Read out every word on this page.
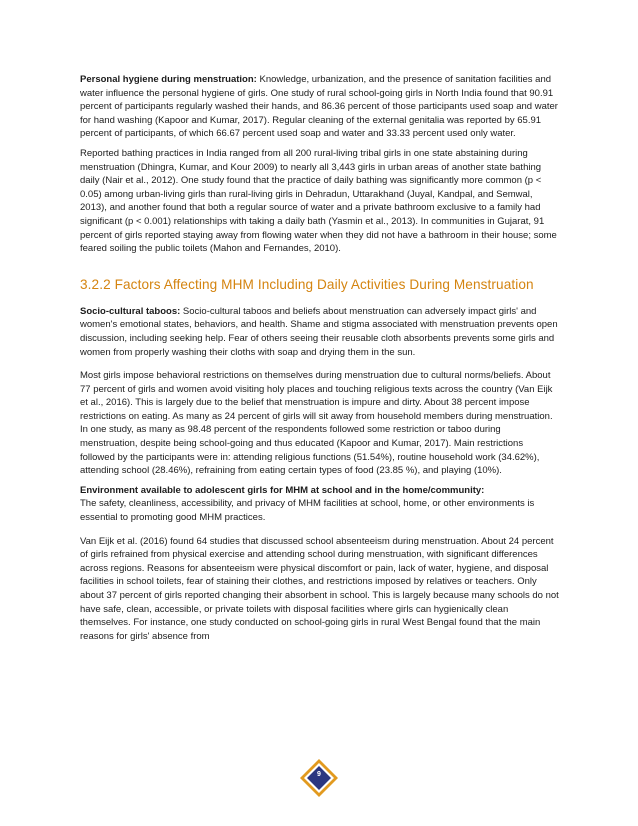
Personal hygiene during menstruation: Knowledge, urbanization, and the presence of sanitation facilities and water influence the personal hygiene of girls. One study of rural school-going girls in North India found that 90.91 percent of participants regularly washed their hands, and 86.36 percent of those participants used soap and water for hand washing (Kapoor and Kumar, 2017). Regular cleaning of the external genitalia was reported by 65.91 percent of participants, of which 66.67 percent used soap and water and 33.33 percent used only water.

Reported bathing practices in India ranged from all 200 rural-living tribal girls in one state abstaining during menstruation (Dhingra, Kumar, and Kour 2009) to nearly all 3,443 girls in urban areas of another state bathing daily (Nair et al., 2012). One study found that the practice of daily bathing was significantly more common (p < 0.05) among urban-living girls than rural-living girls in Dehradun, Uttarakhand (Juyal, Kandpal, and Semwal, 2013), and another found that both a regular source of water and a private bathroom exclusive to a family had significant (p < 0.001) relationships with taking a daily bath (Yasmin et al., 2013). In communities in Gujarat, 91 percent of girls reported staying away from flowing water when they did not have a bathroom in their house; some feared soiling the public toilets (Mahon and Fernandes, 2010).

3.2.2 Factors Affecting MHM Including Daily Activities During Menstruation

Socio-cultural taboos: Socio-cultural taboos and beliefs about menstruation can adversely impact girls' and women's emotional states, behaviors, and health. Shame and stigma associated with menstruation prevents open discussion, including seeking help. Fear of others seeing their reusable cloth absorbents prevents some girls and women from properly washing their cloths with soap and drying them in the sun.

Most girls impose behavioral restrictions on themselves during menstruation due to cultural norms/beliefs. About 77 percent of girls and women avoid visiting holy places and touching religious texts across the country (Van Eijk et al., 2016). This is largely due to the belief that menstruation is impure and dirty. About 38 percent impose restrictions on eating. As many as 24 percent of girls will sit away from household members during menstruation. In one study, as many as 98.48 percent of the respondents followed some restriction or taboo during menstruation, despite being school-going and thus educated (Kapoor and Kumar, 2017). Main restrictions followed by the participants were in: attending religious functions (51.54%), routine household work (34.62%), attending school (28.46%), refraining from eating certain types of food (23.85 %), and playing (10%).

Environment available to adolescent girls for MHM at school and in the home/community:
The safety, cleanliness, accessibility, and privacy of MHM facilities at school, home, or other environments is essential to promoting good MHM practices.

Van Eijk et al. (2016) found 64 studies that discussed school absenteeism during menstruation. About 24 percent of girls refrained from physical exercise and attending school during menstruation, with significant differences across regions. Reasons for absenteeism were physical discomfort or pain, lack of water, hygiene, and disposal facilities in school toilets, fear of staining their clothes, and restrictions imposed by relatives or teachers. Only about 37 percent of girls reported changing their absorbent in school. This is largely because many schools do not have safe, clean, accessible, or private toilets with disposal facilities where girls can hygienically clean themselves. For instance, one study conducted on school-going girls in rural West Bengal found that the main reasons for girls' absence from

9
